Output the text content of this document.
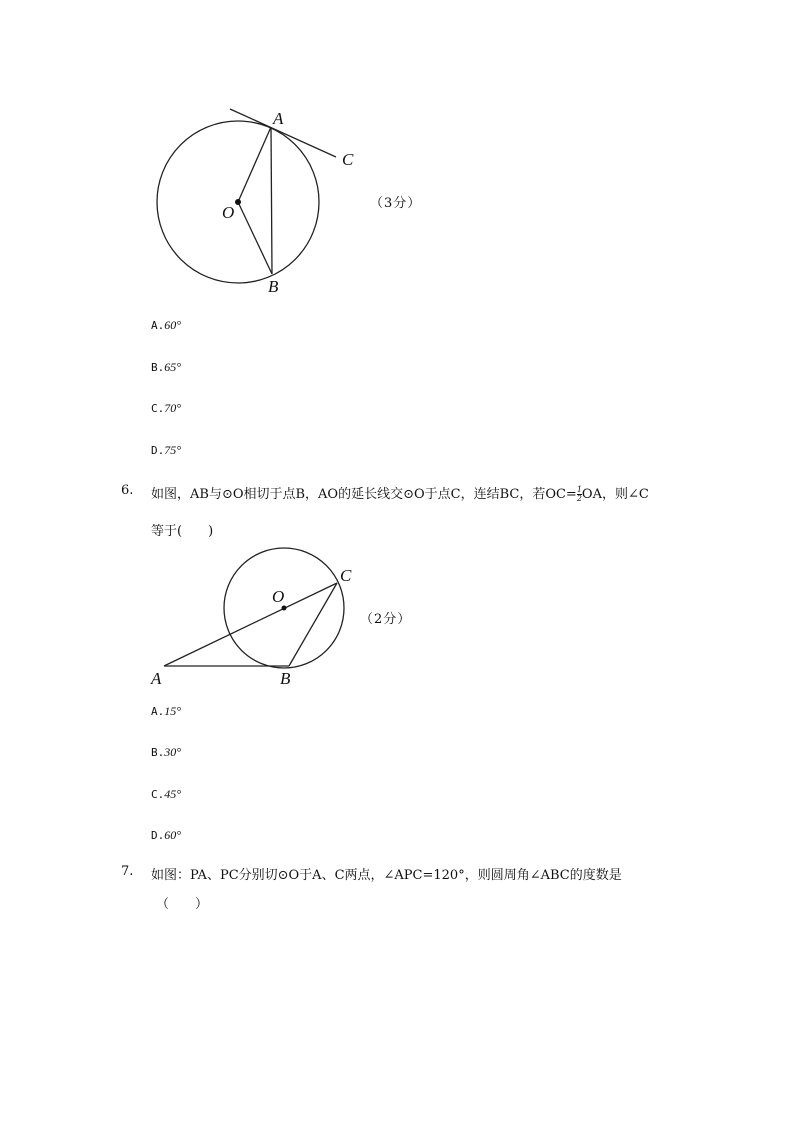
A
C
O
B
（3分）
A.60°
B.65°
C.70°
D.75°
6. 如图，AB与⊙O相切于点B，AO的延长线交⊙O于点C，连结BC，若$OC= \frac{1}{2}$ OA，则∠C
等于(　　)
O
C
A	B
（2分）
A.15°
B.30°
C.45°
D.60°
7. 如图：PA、PC分别切⊙O于A、C两点，∠APC=120°，则圆周角∠ABC的度数是
（　　）
